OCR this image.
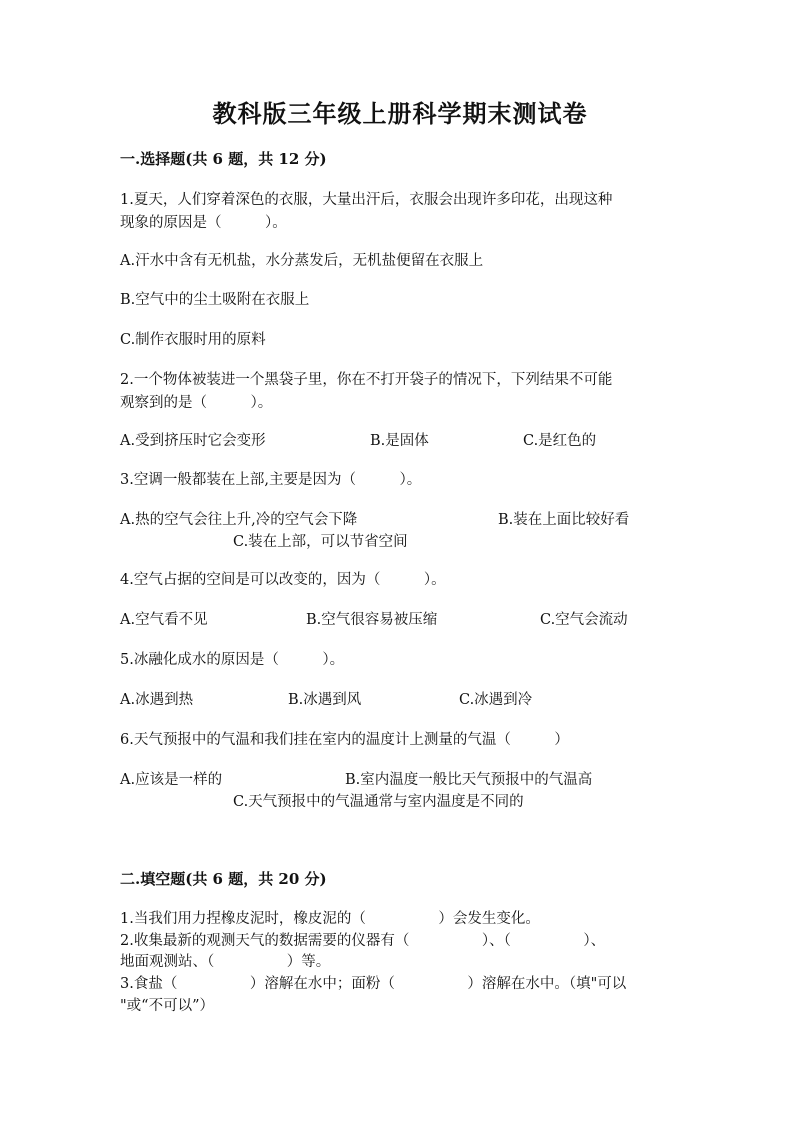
教科版三年级上册科学期末测试卷
一.选择题(共 6 题，共 12 分)
1.夏天，人们穿着深色的衣服，大量出汗后，衣服会出现许多印花，出现这种
现象的原因是（　　　）。
A.汗水中含有无机盐，水分蒸发后，无机盐便留在衣服上
B.空气中的尘土吸附在衣服上
C.制作衣服时用的原料
2.一个物体被装进一个黑袋子里，你在不打开袋子的情况下，下列结果不可能
观察到的是（　　　）。
A.受到挤压时它会变形	B.是固体	C.是红色的
3.空调一般都装在上部,主要是因为（　　　）。
A.热的空气会往上升,冷的空气会下降	B.装在上面比较好看
C.装在上部，可以节省空间
4.空气占据的空间是可以改变的，因为（　　　）。
A.空气看不见	B.空气很容易被压缩	C.空气会流动
5.冰融化成水的原因是（　　　）。
A.冰遇到热	B.冰遇到风	C.冰遇到冷
6.天气预报中的气温和我们挂在室内的温度计上测量的气温（　　　）
A.应该是一样的	B.室内温度一般比天气预报中的气温高
C.天气预报中的气温通常与室内温度是不同的
二.填空题(共 6 题，共 20 分)
1.当我们用力捏橡皮泥时，橡皮泥的（　　　　　）会发生变化。
2.收集最新的观测天气的数据需要的仪器有（　　　　　）、（　　　　　）、
地面观测站、（　　　　　）等。
3.食盐（　　　　　）溶解在水中；面粉（　　　　　）溶解在水中。（填"可以
"或“不可以”）
